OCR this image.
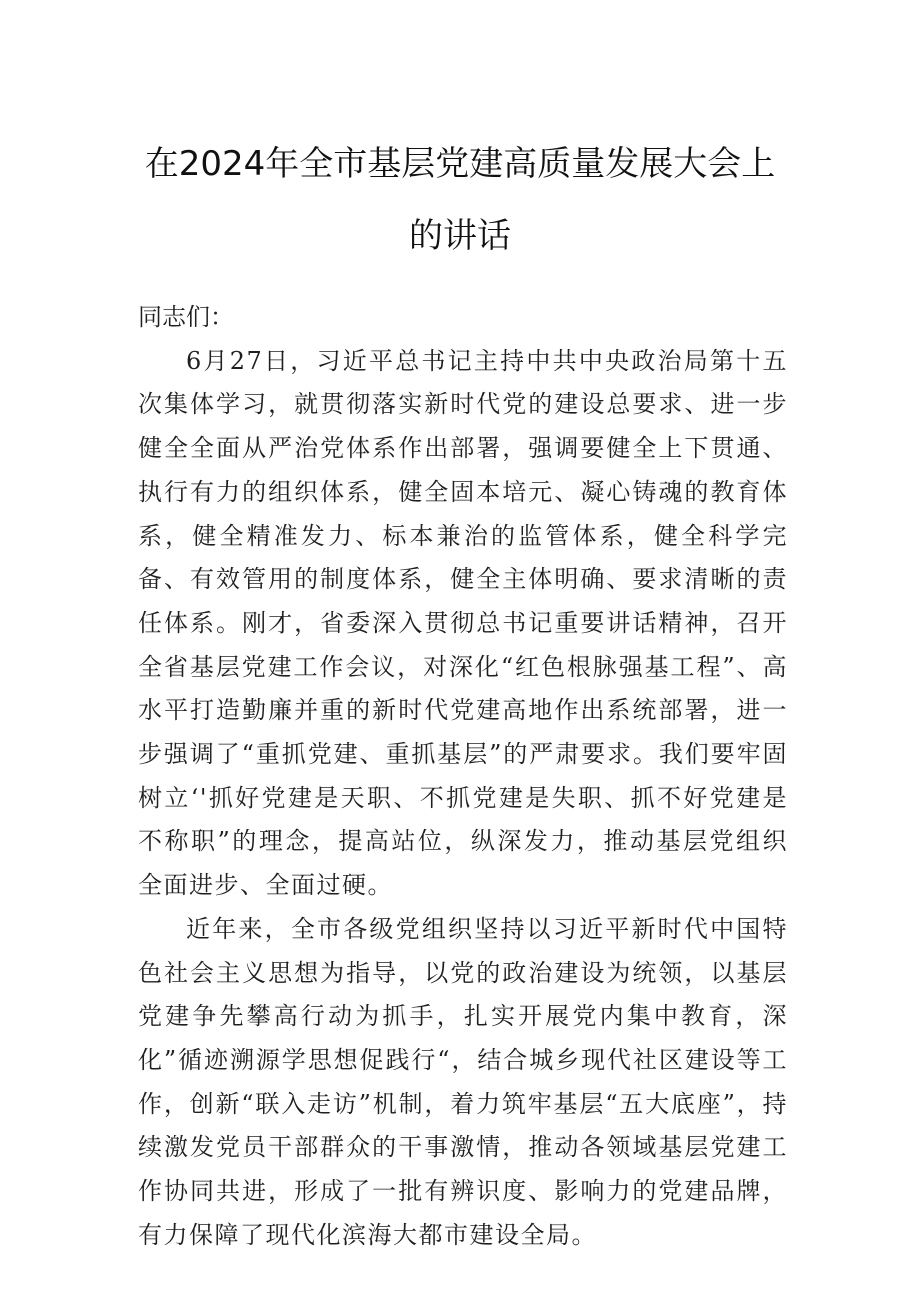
在2024年全市基层党建高质量发展大会上
的讲话

同志们：

6月27日，习近平总书记主持中共中央政治局第十五次集体学习，就贯彻落实新时代党的建设总要求、进一步健全全面从严治党体系作出部署，强调要健全上下贯通、执行有力的组织体系，健全固本培元、凝心铸魂的教育体系，健全精准发力、标本兼治的监管体系，健全科学完备、有效管用的制度体系，健全主体明确、要求清晰的责任体系。刚才，省委深入贯彻总书记重要讲话精神，召开全省基层党建工作会议，对深化“红色根脉强基工程”、高水平打造勤廉并重的新时代党建高地作出系统部署，进一步强调了“重抓党建、重抓基层”的严肃要求。我们要牢固树立‘'抓好党建是天职、不抓党建是失职、抓不好党建是不称职”的理念，提高站位，纵深发力，推动基层党组织全面进步、全面过硬。

近年来，全市各级党组织坚持以习近平新时代中国特色社会主义思想为指导，以党的政治建设为统领，以基层党建争先攀高行动为抓手，扎实开展党内集中教育，深化”循迹溯源学思想促践行“，结合城乡现代社区建设等工作，创新“联入走访”机制，着力筑牢基层“五大底座”，持续激发党员干部群众的干事激情，推动各领域基层党建工作协同共进，形成了一批有辨识度、影响力的党建品牌，有力保障了现代化滨海大都市建设全局。
